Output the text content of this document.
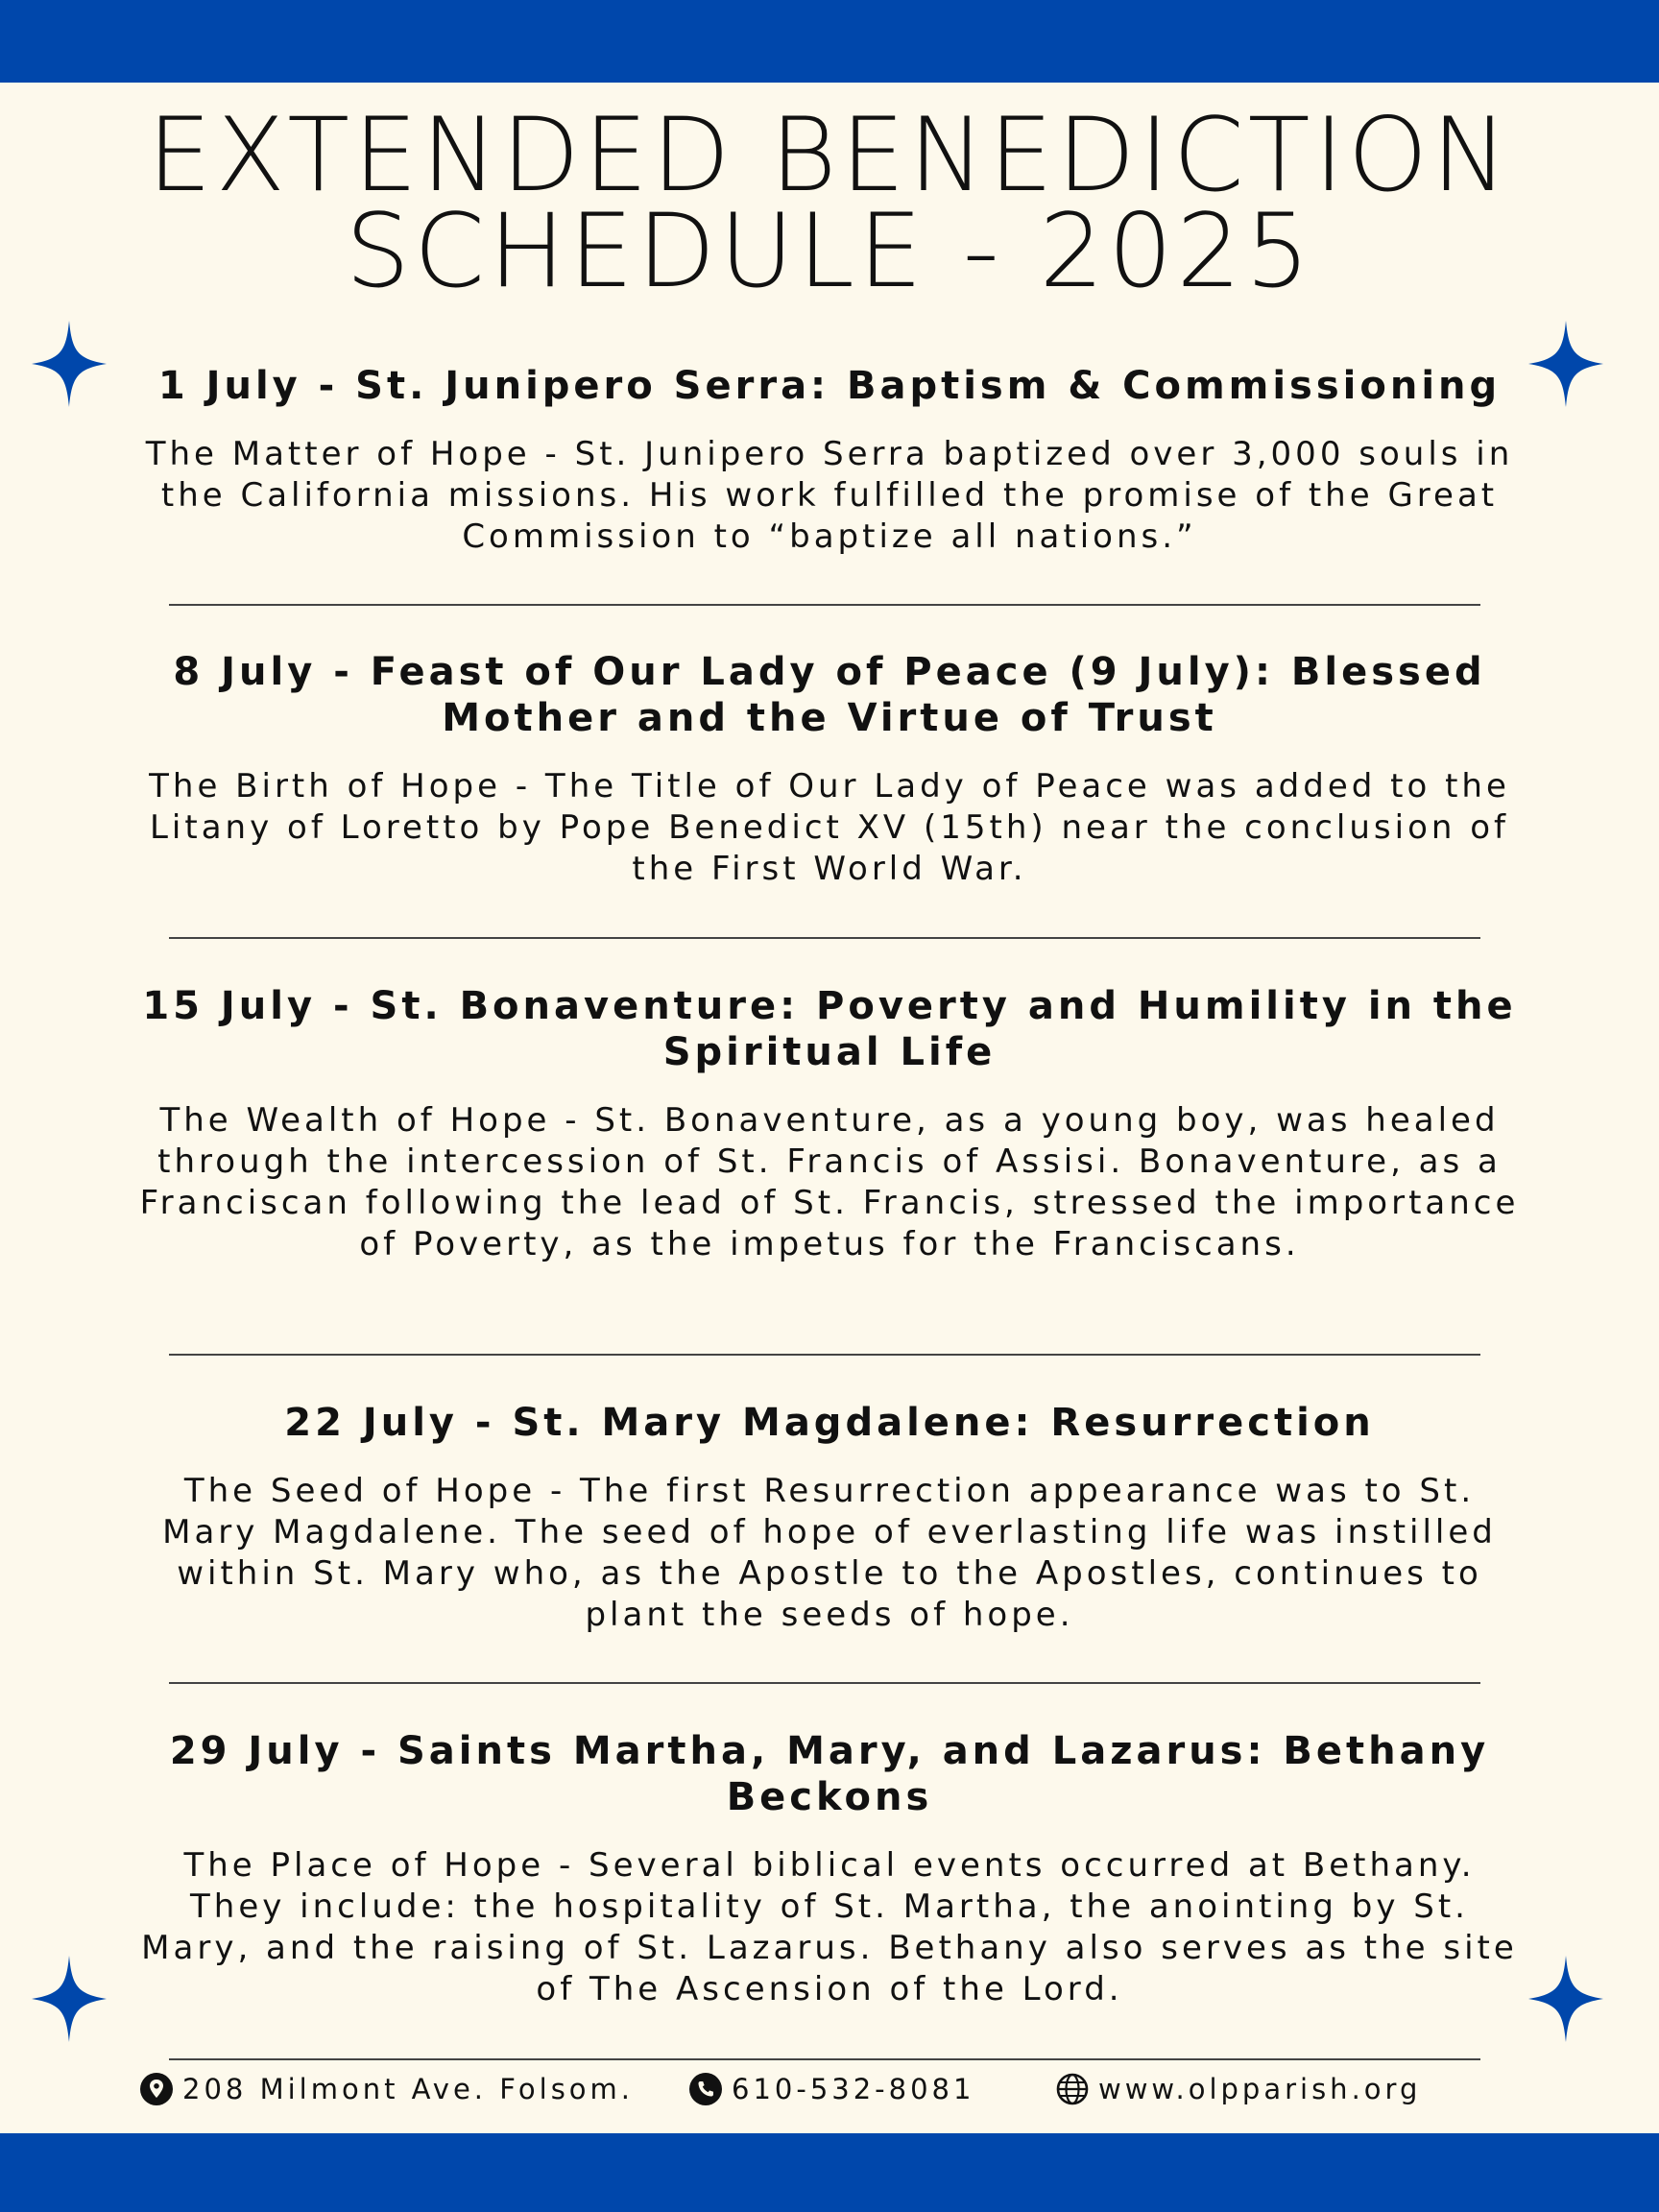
EXTENDED BENEDICTION
SCHEDULE - 2025
1 July - St. Junipero Serra: Baptism & Commissioning

The Matter of Hope - St. Junipero Serra baptized over 3,000 souls in the California missions. His work fulfilled the promise of the Great Commission to “baptize all nations.”

8 July - Feast of Our Lady of Peace (9 July): Blessed Mother and the Virtue of Trust

The Birth of Hope - The Title of Our Lady of Peace was added to the Litany of Loretto by Pope Benedict XV (15th) near the conclusion of the First World War.

15 July - St. Bonaventure: Poverty and Humility in the Spiritual Life

The Wealth of Hope - St. Bonaventure, as a young boy, was healed through the intercession of St. Francis of Assisi. Bonaventure, as a Franciscan following the lead of St. Francis, stressed the importance of Poverty, as the impetus for the Franciscans.

22 July - St. Mary Magdalene: Resurrection

The Seed of Hope - The first Resurrection appearance was to St. Mary Magdalene. The seed of hope of everlasting life was instilled within St. Mary who, as the Apostle to the Apostles, continues to plant the seeds of hope.

29 July - Saints Martha, Mary, and Lazarus: Bethany Beckons

The Place of Hope - Several biblical events occurred at Bethany. They include: the hospitality of St. Martha, the anointing by St. Mary, and the raising of St. Lazarus. Bethany also serves as the site of The Ascension of the Lord.

208 Milmont Ave. Folsom.	610-532-8081	www.olpparish.org
